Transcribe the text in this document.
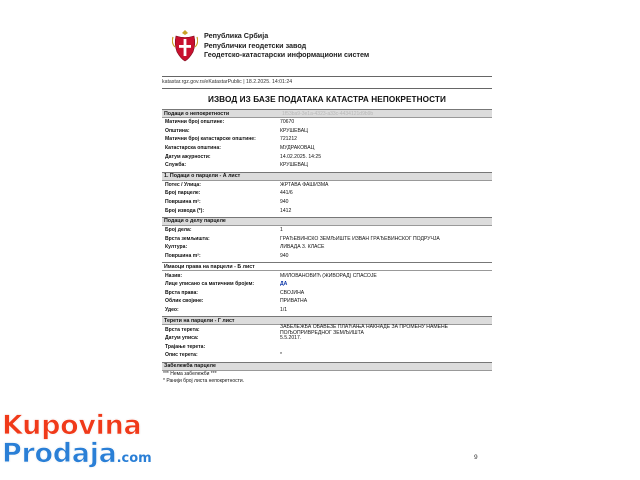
Република Србија
Републички геодетски завод
Геодетско-катастарски информациони систем
katastar.rgz.gov.rs/eKatastarPublic | 18.2.2025. 14:01:24
ИЗВОД ИЗ БАЗЕ ПОДАТАКА КАТАСТРА НЕПОКРЕТНОСТИ
Подаци о непокретности	1f53ba9-3e1a-4323-a33c-4434121d9b9b
Матични број општине:	70670
Општина:	КРУШЕВАЦ
Матични број катастарске општине:	721212
Катастарска општина:	МУДРАКОВАЦ
Датум ажурности:	14.02.2025. 14:25
Служба:	КРУШЕВАЦ
1. Подаци о парцели - А лист
Потес / Улица:	ЖРТАВА ФАШИЗМА
Број парцеле:	441/6
Површина m²:	940
Број извода (*):	1412
Подаци о делу парцеле
Број дела:	1
Врста земљишта:	ГРАЂЕВИНСКО ЗЕМЉИШТЕ ИЗВАН ГРАЂЕВИНСКОГ ПОДРУЧЈА
Култура:	ЛИВАДА 3. КЛАСЕ
Површина m²:	940
Имаоци права на парцели - Б лист
Назив:	МИЛОВАНОВИЋ (ЖИВОРАД) СПАСОЈЕ
Лице уписано са матичним бројем:	ДА
Врста права:	СВОЈИНА
Облик својине:	ПРИВАТНА
Удео:	1/1
Терети на парцели - Г лист
Врста терета:	ЗАБЕЛЕЖБА ОБАВЕЗЕ ПЛАЋАЊА НАКНАДЕ ЗА ПРОМЕНУ НАМЕНЕ ПОЉОПРИВРЕДНОГ ЗЕМЉИШТА
Датум уписа:	5.5.2017.
Трајање терета:
Опис терета:	*
Забележба парцеле
*** Нема забележби ***
* Ранији број листа непокретности.
9
Kupovina
Prodaja.com
